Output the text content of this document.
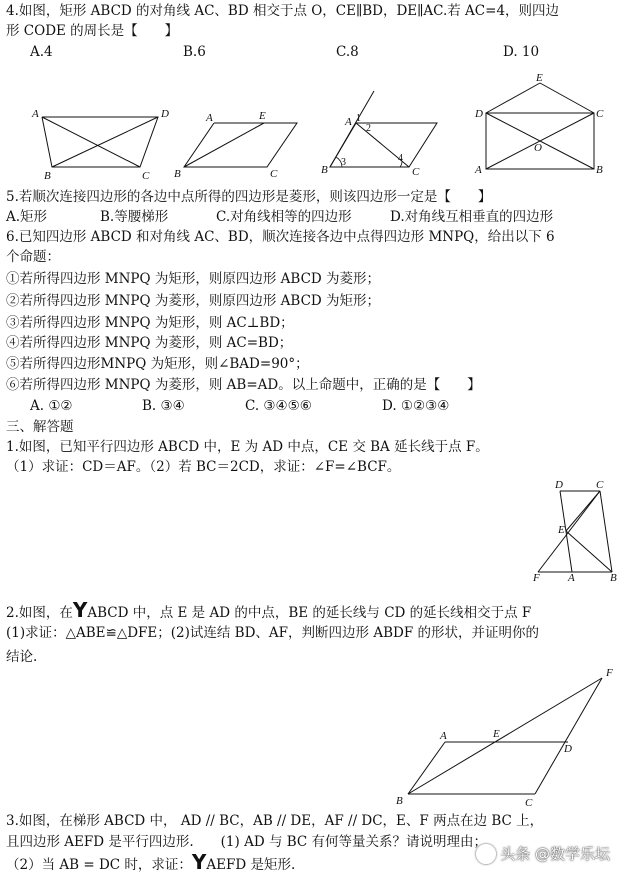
4.如图，矩形 ABCD 的对角线 AC、BD 相交于点 O，CE∥BD，DE∥AC.若 AC=4，则四边
形 CODE 的周长是【　　】
A.4	B.6	C.8	D. 10
A	D
B	C
A	E
B	C
A
B	C
1
2
3	4
E
D	C
A	B
O
5.若顺次连接四边形的各边中点所得的四边形是菱形，则该四边形一定是【　　】
A.矩形	B.等腰梯形	C.对角线相等的四边形	D.对角线互相垂直的四边形
6.已知四边形 ABCD 和对角线 AC、BD，顺次连接各边中点得四边形 MNPQ，给出以下 6
个命题：
①若所得四边形 MNPQ 为矩形，则原四边形 ABCD 为菱形；
②若所得四边形 MNPQ 为菱形，则原四边形 ABCD 为矩形；
③若所得四边形 MNPQ 为矩形，则 AC⊥BD；
④若所得四边形 MNPQ 为菱形，则 AC=BD；
⑤若所得四边形MNPQ 为矩形，则∠BAD=90°；
⑥若所得四边形 MNPQ 为菱形，则 AB=AD。以上命题中，正确的是【　　】
A. ①②	B. ③④	C. ③④⑤⑥	D. ①②③④
三、解答题
1.如图，已知平行四边形 ABCD 中，E 为 AD 中点，CE 交 BA 延长线于点 F。
（1）求证：CD＝AF。（2）若 BC＝2CD，求证：∠F=∠BCF。
D	C
E
F	A	B
2.如图，在YABCD 中，点 E 是 AD 的中点，BE 的延长线与 CD 的延长线相交于点 F
(1)求证：△ABE≌△DFE；(2)试连结 BD、AF，判断四边形 ABDF 的形状，并证明你的
结论.
A	E
D
F
B	C
3.如图，在梯形 ABCD 中， AD // BC，AB // DE，AF // DC，E、F 两点在边 BC 上，
且四边形 AEFD 是平行四边形.　　(1) AD 与 BC 有何等量关系？请说明理由；
（2）当 AB = DC 时，求证：YAEFD 是矩形.
头条 @数学乐坛
